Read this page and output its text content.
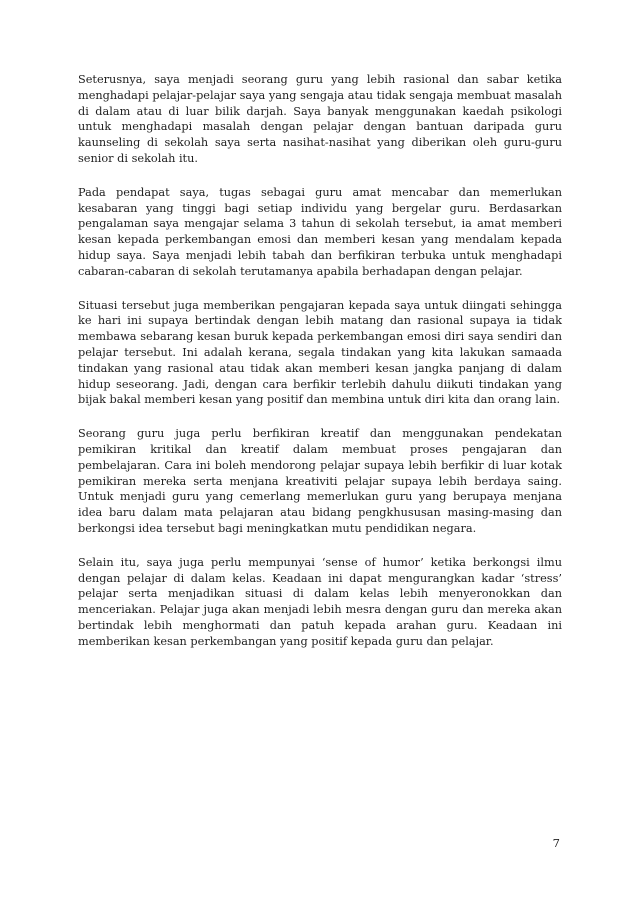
Seterusnya, saya menjadi seorang guru yang lebih rasional dan sabar ketika menghadapi pelajar-pelajar saya yang sengaja atau tidak sengaja membuat masalah di dalam atau di luar bilik darjah. Saya banyak menggunakan kaedah psikologi untuk menghadapi masalah dengan pelajar dengan bantuan daripada guru kaunseling di sekolah saya serta nasihat-nasihat yang diberikan oleh guru-guru senior di sekolah itu.

Pada pendapat saya, tugas sebagai guru amat mencabar dan memerlukan kesabaran yang tinggi bagi setiap individu yang bergelar guru. Berdasarkan pengalaman saya mengajar selama 3 tahun di sekolah tersebut, ia amat memberi kesan kepada perkembangan emosi dan memberi kesan yang mendalam kepada hidup saya. Saya menjadi lebih tabah dan berfikiran terbuka untuk menghadapi cabaran-cabaran di sekolah terutamanya apabila berhadapan dengan pelajar.

Situasi tersebut juga memberikan pengajaran kepada saya untuk diingati sehingga ke hari ini supaya bertindak dengan lebih matang dan rasional supaya ia tidak membawa sebarang kesan buruk kepada perkembangan emosi diri saya sendiri dan pelajar tersebut. Ini adalah kerana, segala tindakan yang kita lakukan samaada tindakan yang rasional atau tidak akan memberi kesan jangka panjang di dalam hidup seseorang. Jadi, dengan cara berfikir terlebih dahulu diikuti tindakan yang bijak bakal memberi kesan yang positif dan membina untuk diri kita dan orang lain.

Seorang guru juga perlu berfikiran kreatif dan menggunakan pendekatan pemikiran kritikal dan kreatif dalam membuat proses pengajaran dan pembelajaran. Cara ini boleh mendorong pelajar supaya lebih berfikir di luar kotak pemikiran mereka serta menjana kreativiti pelajar supaya lebih berdaya saing. Untuk menjadi guru yang cemerlang memerlukan guru yang berupaya menjana idea baru dalam mata pelajaran atau bidang pengkhususan masing-masing dan berkongsi idea tersebut bagi meningkatkan mutu pendidikan negara.

Selain itu, saya juga perlu mempunyai ‘sense of humor’ ketika berkongsi ilmu dengan pelajar di dalam kelas. Keadaan ini dapat mengurangkan kadar ‘stress’ pelajar serta menjadikan situasi di dalam kelas lebih menyeronokkan dan menceriakan. Pelajar juga akan menjadi lebih mesra dengan guru dan mereka akan bertindak lebih menghormati dan patuh kepada arahan guru. Keadaan ini memberikan kesan perkembangan yang positif kepada guru dan pelajar.

7
